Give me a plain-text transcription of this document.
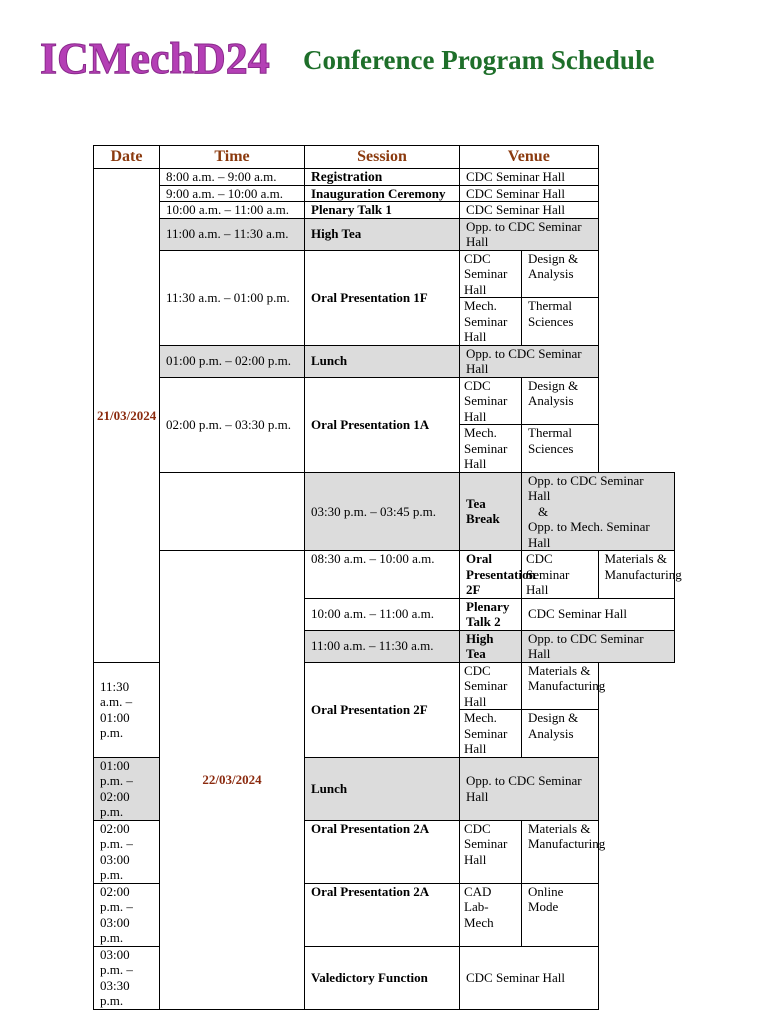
ICMechD24 Conference Program Schedule
Date	Time	Session	Venue		
21/03/2024	8:00 a.m. – 9:00 a.m.	Registration	CDC Seminar Hall		
	9:00 a.m. – 10:00 a.m.	Inauguration Ceremony	CDC Seminar Hall		
	10:00 a.m. – 11:00 a.m.	Plenary Talk 1	CDC Seminar Hall		
	11:00 a.m. – 11:30 a.m.	High Tea	Opp. to CDC Seminar Hall		
	11:30 a.m. – 01:00 p.m.	Oral Presentation 1F	CDC Seminar Hall	Design & Analysis	
			Mech. Seminar Hall	Thermal Sciences	
	01:00 p.m. – 02:00 p.m.	Lunch	Opp. to CDC Seminar Hall		
	02:00 p.m. – 03:30 p.m.	Oral Presentation 1A	CDC Seminar Hall	Design & Analysis	
			Mech. Seminar Hall	Thermal Sciences	
		03:30 p.m. – 03:45 p.m.	Tea Break	Opp. to CDC Seminar Hall
&
Opp. to Mech. Seminar Hall	

	22/03/2024	08:30 a.m. – 10:00 a.m.	Oral Presentation 2F	CDC Seminar Hall	Materials & Manufacturing
		10:00 a.m. – 11:00 a.m.	Plenary Talk 2	CDC Seminar Hall	
		11:00 a.m. – 11:30 a.m.	High Tea	Opp. to CDC Seminar Hall	
11:30 a.m. – 01:00 p.m.		Oral Presentation 2F	CDC Seminar Hall	Materials & Manufacturing	
			Mech. Seminar Hall	Design & Analysis	
01:00 p.m. – 02:00 p.m.		Lunch	Opp. to CDC Seminar Hall		
02:00 p.m. – 03:00 p.m.		Oral Presentation 2A	CDC Seminar Hall	Materials & Manufacturing	
02:00 p.m. – 03:00 p.m.		Oral Presentation 2A	CAD Lab-Mech	Online Mode	
03:00 p.m. – 03:30 p.m.		Valedictory Function	CDC Seminar Hall		
